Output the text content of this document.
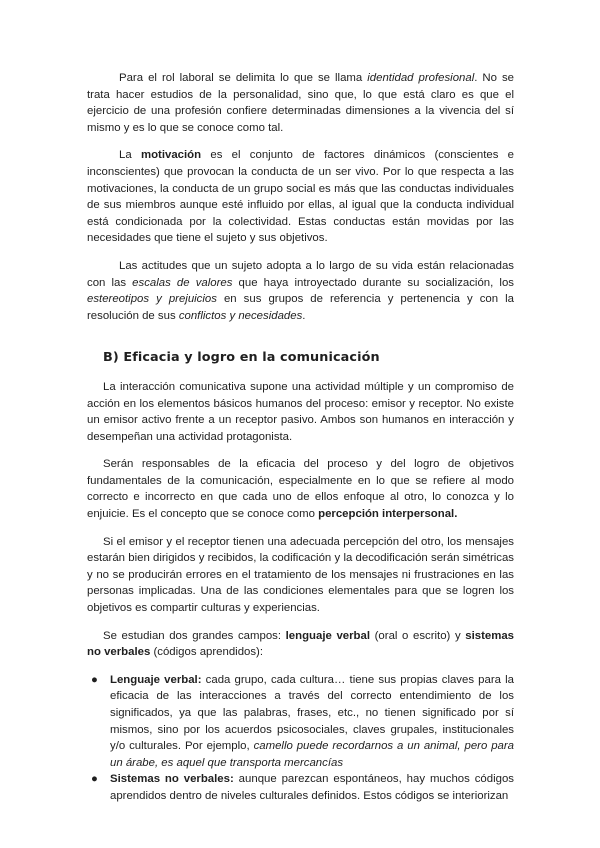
Para el rol laboral se delimita lo que se llama identidad profesional. No se trata hacer estudios de la personalidad, sino que, lo que está claro es que el ejercicio de una profesión confiere determinadas dimensiones a la vivencia del sí mismo y es lo que se conoce como tal.

La motivación es el conjunto de factores dinámicos (conscientes e inconscientes) que provocan la conducta de un ser vivo. Por lo que respecta a las motivaciones, la conducta de un grupo social es más que las conductas individuales de sus miembros aunque esté influido por ellas, al igual que la conducta individual está condicionada por la colectividad. Estas conductas están movidas por las necesidades que tiene el sujeto y sus objetivos.

Las actitudes que un sujeto adopta a lo largo de su vida están relacionadas con las escalas de valores que haya introyectado durante su socialización, los estereotipos y prejuicios en sus grupos de referencia y pertenencia y con la resolución de sus conflictos y necesidades.

B) Eficacia y logro en la comunicación

La interacción comunicativa supone una actividad múltiple y un compromiso de acción en los elementos básicos humanos del proceso: emisor y receptor. No existe un emisor activo frente a un receptor pasivo. Ambos son humanos en interacción y desempeñan una actividad protagonista.

Serán responsables de la eficacia del proceso y del logro de objetivos fundamentales de la comunicación, especialmente en lo que se refiere al modo correcto e incorrecto en que cada uno de ellos enfoque al otro, lo conozca y lo enjuicie. Es el concepto que se conoce como percepción interpersonal.

Si el emisor y el receptor tienen una adecuada percepción del otro, los mensajes estarán bien dirigidos y recibidos, la codificación y la decodificación serán simétricas y no se producirán errores en el tratamiento de los mensajes ni frustraciones en las personas implicadas. Una de las condiciones elementales para que se logren los objetivos es compartir culturas y experiencias.

Se estudian dos grandes campos: lenguaje verbal (oral o escrito) y sistemas no verbales (códigos aprendidos):

● Lenguaje verbal: cada grupo, cada cultura… tiene sus propias claves para la eficacia de las interacciones a través del correcto entendimiento de los significados, ya que las palabras, frases, etc., no tienen significado por sí mismos, sino por los acuerdos psicosociales, claves grupales, institucionales y/o culturales. Por ejemplo, camello puede recordarnos a un animal, pero para un árabe, es aquel que transporta mercancías
● Sistemas no verbales: aunque parezcan espontáneos, hay muchos códigos aprendidos dentro de niveles culturales definidos. Estos códigos se interiorizan
